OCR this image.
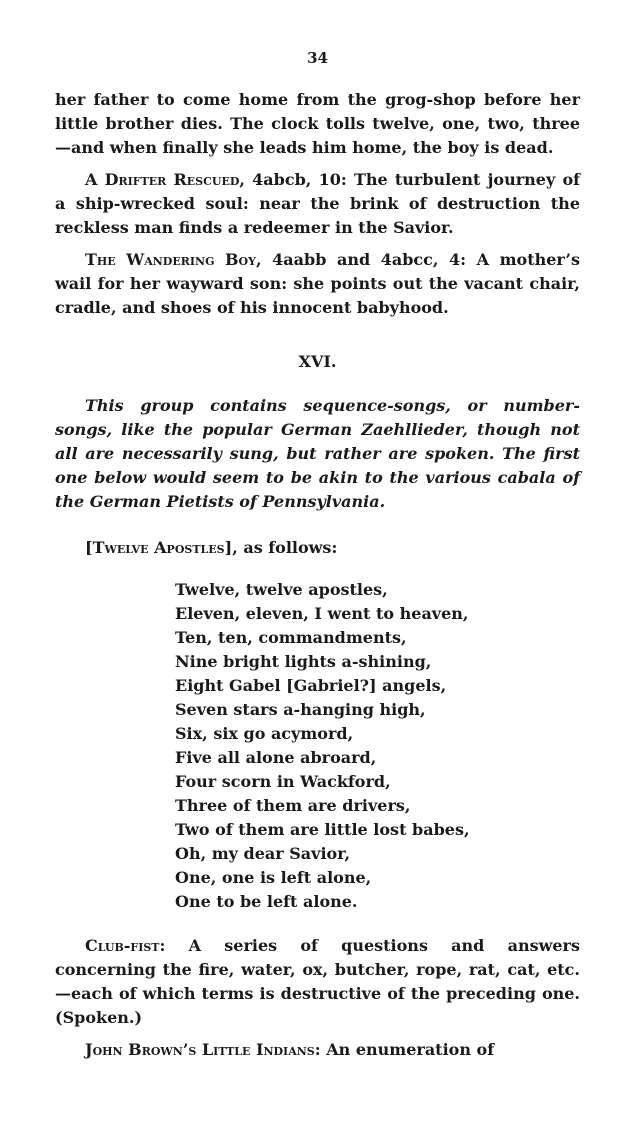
34

her father to come home from the grog-shop before her little brother dies. The clock tolls twelve, one, two, three—and when finally she leads him home, the boy is dead.

A Drifter Rescued, 4abcb, 10: The turbulent journey of a ship-wrecked soul: near the brink of destruction the reckless man finds a redeemer in the Savior.

The Wandering Boy, 4aabb and 4abcc, 4: A mother’s wail for her wayward son: she points out the vacant chair, cradle, and shoes of his innocent babyhood.

XVI.

This group contains sequence-songs, or number-songs, like the popular German Zaehllieder, though not all are necessarily sung, but rather are spoken. The first one below would seem to be akin to the various cabala of the German Pietists of Pennsylvania.

[Twelve Apostles], as follows:

Twelve, twelve apostles,
Eleven, eleven, I went to heaven,
Ten, ten, commandments,
Nine bright lights a-shining,
Eight Gabel [Gabriel?] angels,
Seven stars a-hanging high,
Six, six go acymord,
Five all alone abroard,
Four scorn in Wackford,
Three of them are drivers,
Two of them are little lost babes,
Oh, my dear Savior,
One, one is left alone,
One to be left alone.

Club-fist: A series of questions and answers concerning the fire, water, ox, butcher, rope, rat, cat, etc.—each of which terms is destructive of the preceding one. (Spoken.)

John Brown’s Little Indians: An enumeration of
